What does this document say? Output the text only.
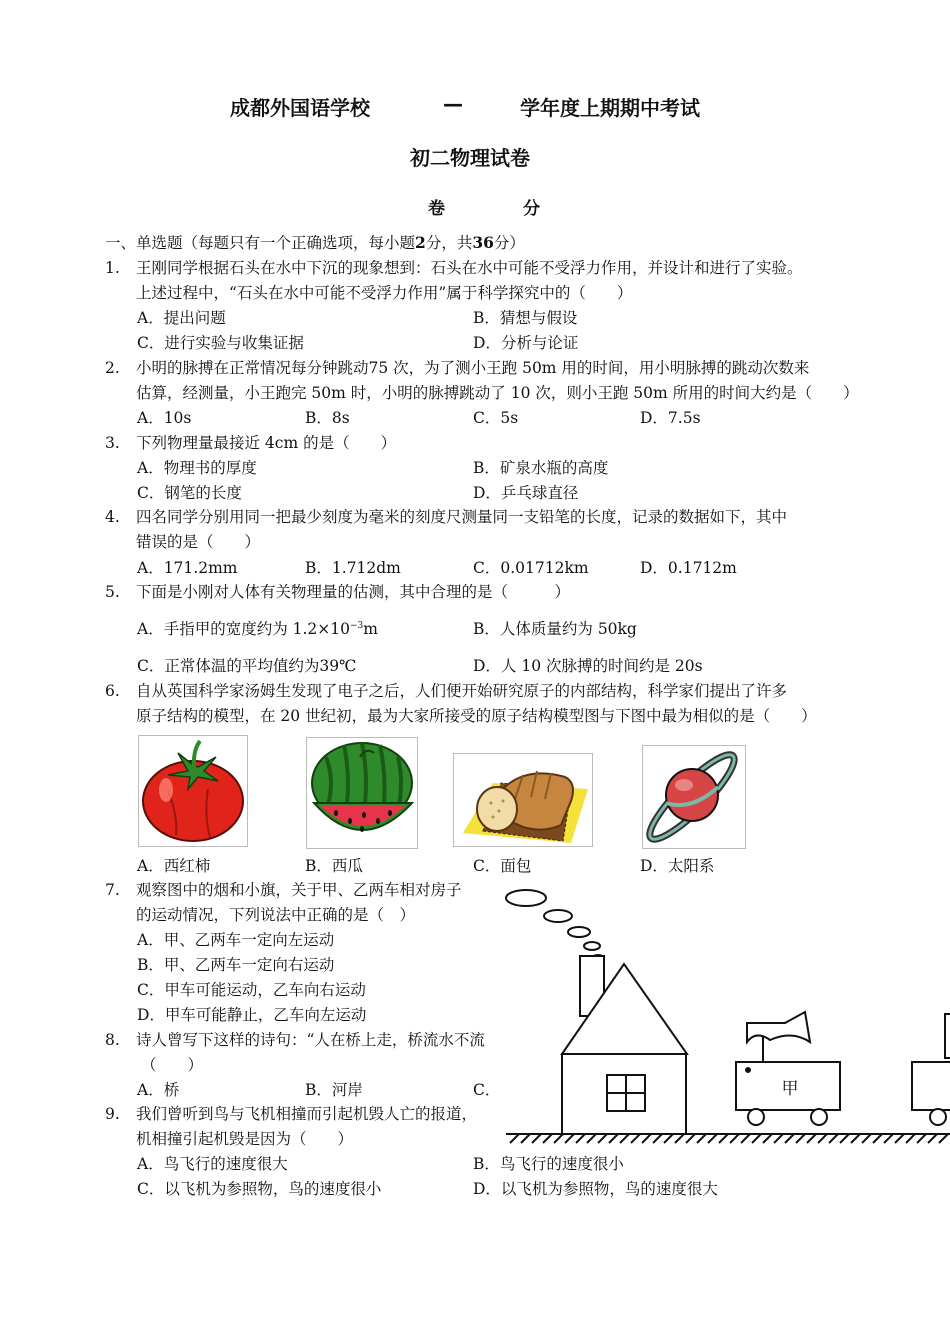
成都外国语学校	—	学年度上期期中考试
初二物理试卷
卷	分
一、单选题（每题只有一个正确选项，每小题2分，共36分）
1. 王刚同学根据石头在水中下沉的现象想到：石头在水中可能不受浮力作用，并设计和进行了实验。
上述过程中，“石头在水中可能不受浮力作用”属于科学探究中的（　　）
A．提出问题	B．猜想与假设
C．进行实验与收集证据	D．分析与论证
2. 小明的脉搏在正常情况每分钟跳动75 次，为了测小王跑 50m 用的时间，用小明脉搏的跳动次数来
估算，经测量，小王跑完 50m 时，小明的脉搏跳动了 10 次，则小王跑 50m 所用的时间大约是（　　）
A．10s	B．8s	C．5s	D．7.5s
3. 下列物理量最接近 4cm 的是（　　）
A．物理书的厚度	B．矿泉水瓶的高度
C．钢笔的长度	D．乒乓球直径
4. 四名同学分别用同一把最少刻度为毫米的刻度尺测量同一支铅笔的长度，记录的数据如下，其中
错误的是（　　）
A．171.2mm	B．1.712dm	C．0.01712km	D．0.1712m
5. 下面是小刚对人体有关物理量的估测，其中合理的是（　　　）
A．手指甲的宽度约为 $1.2\times 10^{-3}m$	B．人体质量约为 50kg
C．正常体温的平均值约为39℃	D．人 10 次脉搏的时间约是 20s
6. 自从英国科学家汤姆生发现了电子之后，人们便开始研究原子的内部结构，科学家们提出了许多
原子结构的模型，在 20 世纪初，最为大家所接受的原子结构模型图与下图中最为相似的是（　　）
A．西红柿	B．西瓜	C．面包	D．太阳系
7. 观察图中的烟和小旗，关于甲、乙两车相对房子
的运动情况，下列说法中正确的是（　）
A．甲、乙两车一定向左运动
B．甲、乙两车一定向右运动
C．甲车可能运动，乙车向右运动
D．甲车可能静止，乙车向左运动
8. 诗人曾写下这样的诗句：“人在桥上走，桥流水不流
（　　）
A．桥	B．河岸	C．
9. 我们曾听到鸟与飞机相撞而引起机毁人亡的报道，
机相撞引起机毁是因为（　　）
A．鸟飞行的速度很大	B．鸟飞行的速度很小
C．以飞机为参照物，鸟的速度很小	D．以飞机为参照物，鸟的速度很大
甲
